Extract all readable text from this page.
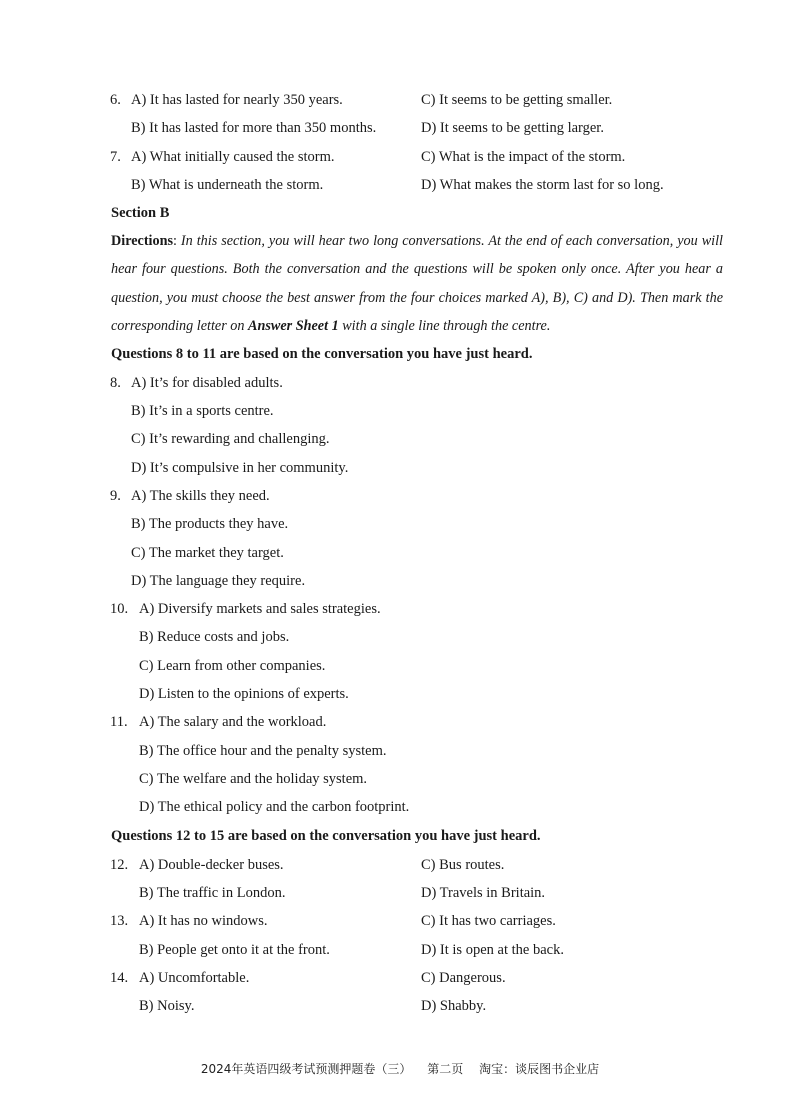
6. A) It has lasted for nearly 350 years.	C) It seems to be getting smaller.
B) It has lasted for more than 350 months.	D) It seems to be getting larger.
7. A) What initially caused the storm.	C) What is the impact of the storm.
B) What is underneath the storm.	D) What makes the storm last for so long.
Section B
Directions: In this section, you will hear two long conversations. At the end of each conversation, you will hear four questions. Both the conversation and the questions will be spoken only once. After you hear a question, you must choose the best answer from the four choices marked A), B), C) and D). Then mark the corresponding letter on Answer Sheet 1 with a single line through the centre.
Questions 8 to 11 are based on the conversation you have just heard.
8. A) It’s for disabled adults.
B) It’s in a sports centre.
C) It’s rewarding and challenging.
D) It’s compulsive in her community.
9. A) The skills they need.
B) The products they have.
C) The market they target.
D) The language they require.
10. A) Diversify markets and sales strategies.
B) Reduce costs and jobs.
C) Learn from other companies.
D) Listen to the opinions of experts.
11. A) The salary and the workload.
B) The office hour and the penalty system.
C) The welfare and the holiday system.
D) The ethical policy and the carbon footprint.
Questions 12 to 15 are based on the conversation you have just heard.
12. A) Double-decker buses.	C) Bus routes.
B) The traffic in London.	D) Travels in Britain.
13. A) It has no windows.	C) It has two carriages.
B) People get onto it at the front.	D) It is open at the back.
14. A) Uncomfortable.	C) Dangerous.
B) Noisy.	D) Shabby.
2024年英语四级考试预测押题卷（三） 第二页 淘宝：谈辰图书企业店
